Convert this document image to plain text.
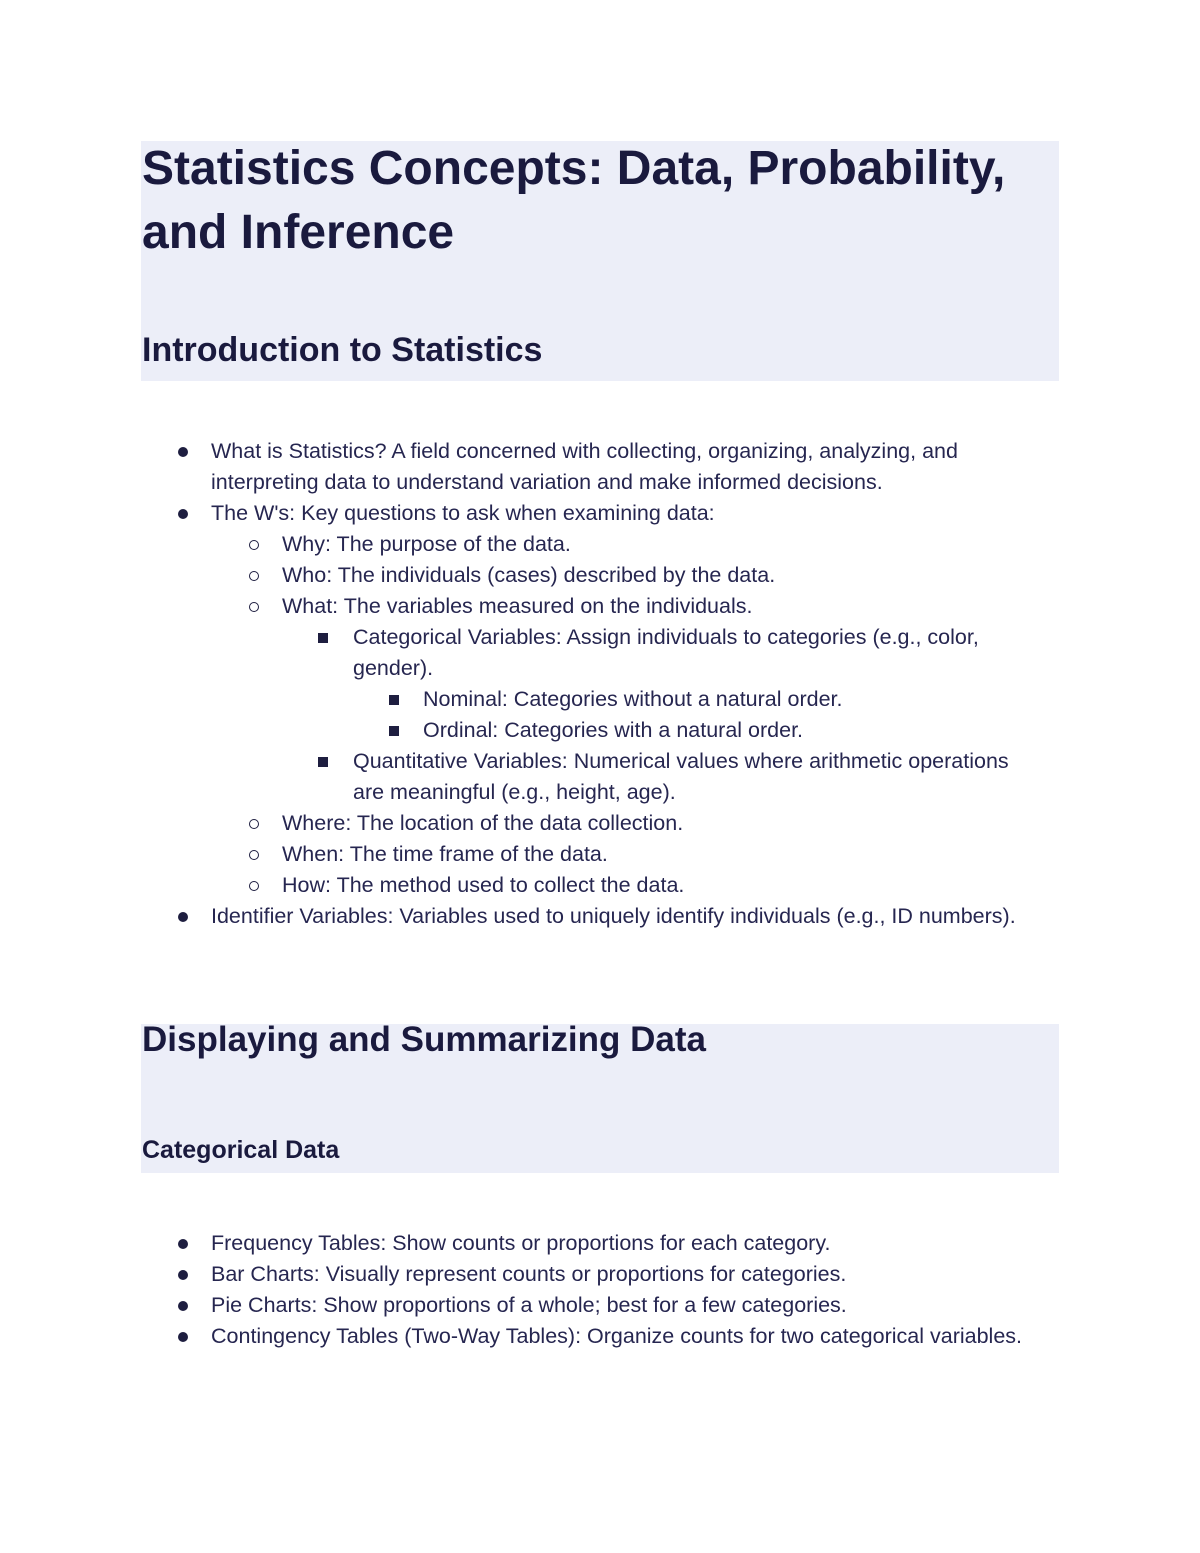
Statistics Concepts: Data, Probability, and Inference
Introduction to Statistics
What is Statistics? A field concerned with collecting, organizing, analyzing, and interpreting data to understand variation and make informed decisions.
The W's: Key questions to ask when examining data:
Why: The purpose of the data.
Who: The individuals (cases) described by the data.
What: The variables measured on the individuals.
Categorical Variables: Assign individuals to categories (e.g., color, gender).
Nominal: Categories without a natural order.
Ordinal: Categories with a natural order.
Quantitative Variables: Numerical values where arithmetic operations are meaningful (e.g., height, age).
Where: The location of the data collection.
When: The time frame of the data.
How: The method used to collect the data.
Identifier Variables: Variables used to uniquely identify individuals (e.g., ID numbers).
Displaying and Summarizing Data
Categorical Data
Frequency Tables: Show counts or proportions for each category.
Bar Charts: Visually represent counts or proportions for categories.
Pie Charts: Show proportions of a whole; best for a few categories.
Contingency Tables (Two-Way Tables): Organize counts for two categorical variables.
